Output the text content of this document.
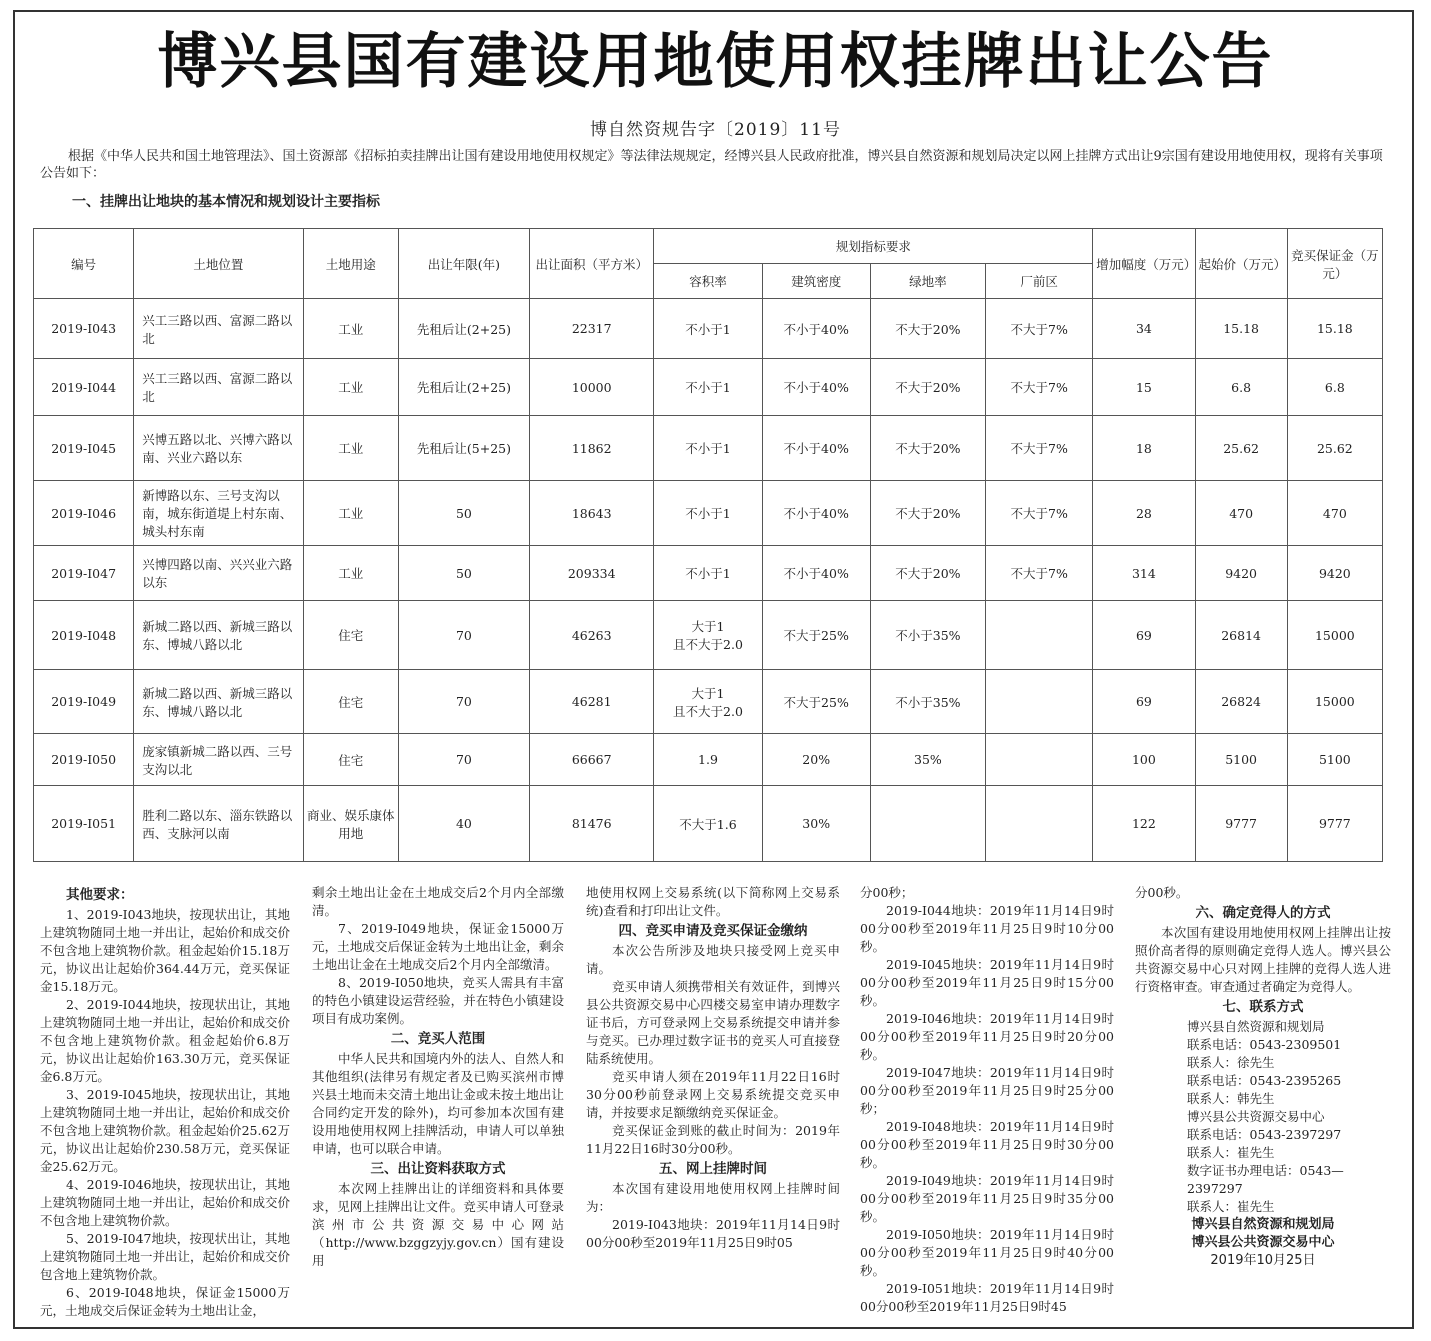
博兴县国有建设用地使用权挂牌出让公告
博自然资规告字〔2019〕11号
根据《中华人民共和国土地管理法》、国土资源部《招标拍卖挂牌出让国有建设用地使用权规定》等法律法规规定，经博兴县人民政府批准，博兴县自然资源和规划局决定以网上挂牌方式出让9宗国有建设用地使用权，现将有关事项公告如下：
一、挂牌出让地块的基本情况和规划设计主要指标
编号	土地位置	土地用途	出让年限(年)	出让面积（平方米）	规划指标要求				增加幅度（万元）	起始价（万元）	竞买保证金（万元）
					容积率	建筑密度	绿地率	厂前区			
2019-I043	兴工三路以西、富源二路以北	工业	先租后让(2+25)	22317	不小于1	不小于40%	不大于20%	不大于7%	34	15.18	15.18
2019-I044	兴工三路以西、富源二路以北	工业	先租后让(2+25)	10000	不小于1	不小于40%	不大于20%	不大于7%	15	6.8	6.8
2019-I045	兴博五路以北、兴博六路以南、兴业六路以东	工业	先租后让(5+25)	11862	不小于1	不小于40%	不大于20%	不大于7%	18	25.62	25.62
2019-I046	新博路以东、三号支沟以南，城东街道堤上村东南、城头村东南	工业	50	18643	不小于1	不小于40%	不大于20%	不大于7%	28	470	470
2019-I047	兴博四路以南、兴兴业六路以东	工业	50	209334	不小于1	不小于40%	不大于20%	不大于7%	314	9420	9420
2019-I048	新城二路以西、新城三路以东、博城八路以北	住宅	70	46263	大于1
且不大于2.0	不大于25%	不小于35%		69	26814	15000
2019-I049	新城二路以西、新城三路以东、博城八路以北	住宅	70	46281	大于1
且不大于2.0	不大于25%	不小于35%		69	26824	15000
2019-I050	庞家镇新城二路以西、三号支沟以北	住宅	70	66667	1.9	20%	35%		100	5100	5100
2019-I051	胜利二路以东、淄东铁路以西、支脉河以南	商业、娱乐康体用地	40	81476	不大于1.6	30%			122	9777	9777
其他要求：

1、2019-I043地块，按现状出让，其地上建筑物随同土地一并出让，起始价和成交价不包含地上建筑物价款。租金起始价15.18万元，协议出让起始价364.44万元，竞买保证金15.18万元。

2、2019-I044地块，按现状出让，其地上建筑物随同土地一并出让，起始价和成交价不包含地上建筑物价款。租金起始价6.8万元，协议出让起始价163.30万元，竞买保证金6.8万元。

3、2019-I045地块，按现状出让，其地上建筑物随同土地一并出让，起始价和成交价不包含地上建筑物价款。租金起始价25.62万元，协议出让起始价230.58万元，竞买保证金25.62万元。

4、2019-I046地块，按现状出让，其地上建筑物随同土地一并出让，起始价和成交价不包含地上建筑物价款。

5、2019-I047地块，按现状出让，其地上建筑物随同土地一并出让，起始价和成交价包含地上建筑物价款。

6、2019-I048地块，保证金15000万元，土地成交后保证金转为土地出让金，

剩余土地出让金在土地成交后2个月内全部缴清。

7、2019-I049地块，保证金15000万元，土地成交后保证金转为土地出让金，剩余土地出让金在土地成交后2个月内全部缴清。

8、2019-I050地块，竞买人需具有丰富的特色小镇建设运营经验，并在特色小镇建设项目有成功案例。

二、竞买人范围

中华人民共和国境内外的法人、自然人和其他组织(法律另有规定者及已购买滨州市博兴县土地而未交清土地出让金或未按土地出让合同约定开发的除外)，均可参加本次国有建设用地使用权网上挂牌活动，申请人可以单独申请，也可以联合申请。

三、出让资料获取方式

本次网上挂牌出让的详细资料和具体要求，见网上挂牌出让文件。竞买申请人可登录滨州市公共资源交易中心网站（http://www.bzggzyjy.gov.cn）国有建设用

地使用权网上交易系统(以下简称网上交易系统)查看和打印出让文件。

四、竞买申请及竞买保证金缴纳

本次公告所涉及地块只接受网上竞买申请。

竞买申请人须携带相关有效证件，到博兴县公共资源交易中心四楼交易室申请办理数字证书后，方可登录网上交易系统提交申请并参与竞买。已办理过数字证书的竞买人可直接登陆系统使用。

竞买申请人须在2019年11月22日16时30分00秒前登录网上交易系统提交竞买申请，并按要求足额缴纳竞买保证金。

竞买保证金到账的截止时间为：2019年11月22日16时30分00秒。

五、网上挂牌时间

本次国有建设用地使用权网上挂牌时间为：

2019-I043地块：2019年11月14日9时00分00秒至2019年11月25日9时05

分00秒；

2019-I044地块：2019年11月14日9时00分00秒至2019年11月25日9时10分00秒。

2019-I045地块：2019年11月14日9时00分00秒至2019年11月25日9时15分00秒。

2019-I046地块：2019年11月14日9时00分00秒至2019年11月25日9时20分00秒。

2019-I047地块：2019年11月14日9时00分00秒至2019年11月25日9时25分00秒；

2019-I048地块：2019年11月14日9时00分00秒至2019年11月25日9时30分00秒。

2019-I049地块：2019年11月14日9时00分00秒至2019年11月25日9时35分00秒。

2019-I050地块：2019年11月14日9时00分00秒至2019年11月25日9时40分00秒。

2019-I051地块：2019年11月14日9时00分00秒至2019年11月25日9时45

分00秒。

六、确定竞得人的方式

本次国有建设用地使用权网上挂牌出让按照价高者得的原则确定竞得人选人。博兴县公共资源交易中心只对网上挂牌的竞得人选人进行资格审查。审查通过者确定为竞得人。

七、联系方式
博兴县自然资源和规划局
联系电话：0543-2309501
联系人：徐先生
联系电话：0543-2395265
联系人：韩先生
博兴县公共资源交易中心
联系电话：0543-2397297
联系人：崔先生
数字证书办理电话：0543—2397297
联系人：崔先生
博兴县自然资源和规划局
博兴县公共资源交易中心
2019年10月25日
